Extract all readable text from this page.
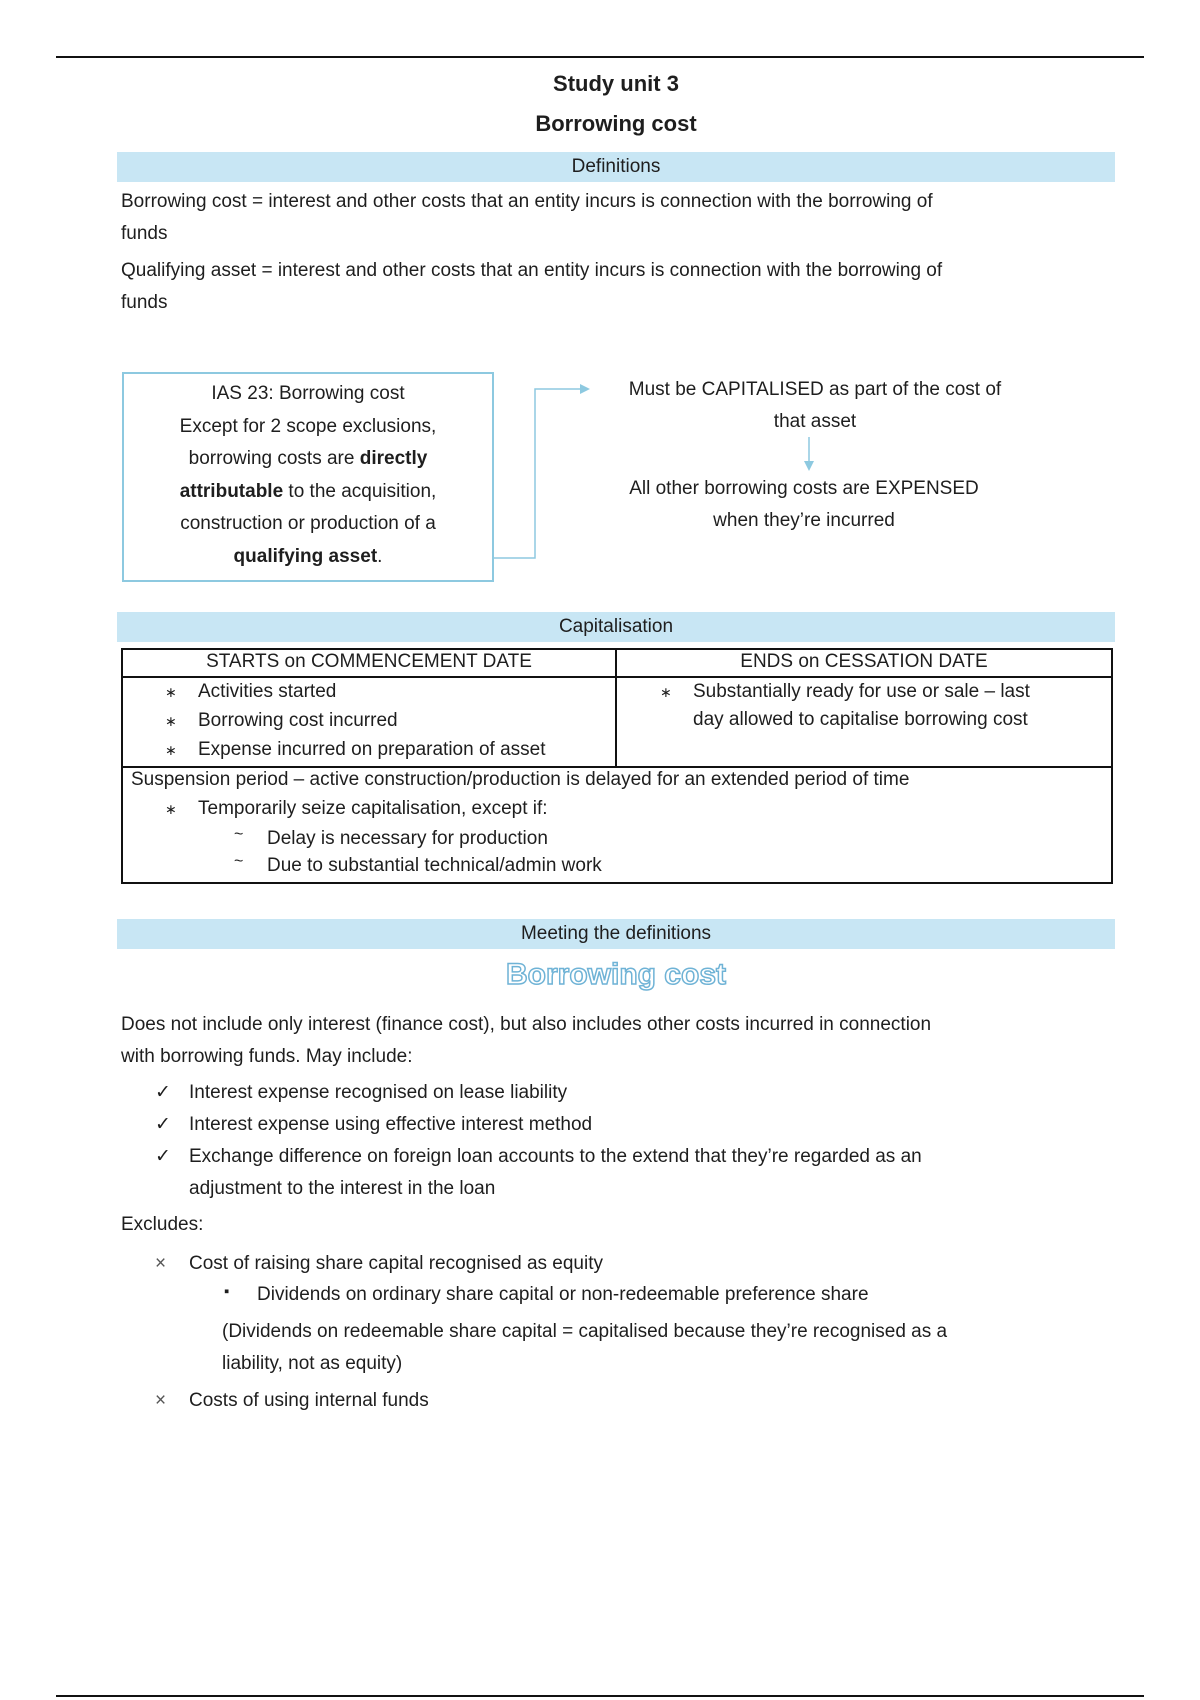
Study unit 3
Borrowing cost
Definitions
Borrowing cost = interest and other costs that an entity incurs is connection with the borrowing of
funds
Qualifying asset = interest and other costs that an entity incurs is connection with the borrowing of
funds
IAS 23: Borrowing cost
Except for 2 scope exclusions,
borrowing costs are directly
attributable to the acquisition,
construction or production of a
qualifying asset.
Must be CAPITALISED as part of the cost of
that asset
All other borrowing costs are EXPENSED
when they’re incurred
Capitalisation
STARTS on COMMENCEMENT DATE	ENDS on CESSATION DATE
∗ Activities started
∗ Borrowing cost incurred
∗ Expense incurred on preparation of asset
∗ Substantially ready for use or sale – last
day allowed to capitalise borrowing cost
Suspension period – active construction/production is delayed for an extended period of time
∗ Temporarily seize capitalisation, except if:
~ Delay is necessary for production
~ Due to substantial technical/admin work
Meeting the definitions
Borrowing cost
Does not include only interest (finance cost), but also includes other costs incurred in connection
with borrowing funds. May include:
✓ Interest expense recognised on lease liability
✓ Interest expense using effective interest method
✓ Exchange difference on foreign loan accounts to the extend that they’re regarded as an
adjustment to the interest in the loan
Excludes:
× Cost of raising share capital recognised as equity
▪ Dividends on ordinary share capital or non-redeemable preference share
(Dividends on redeemable share capital = capitalised because they’re recognised as a
liability, not as equity)
× Costs of using internal funds
